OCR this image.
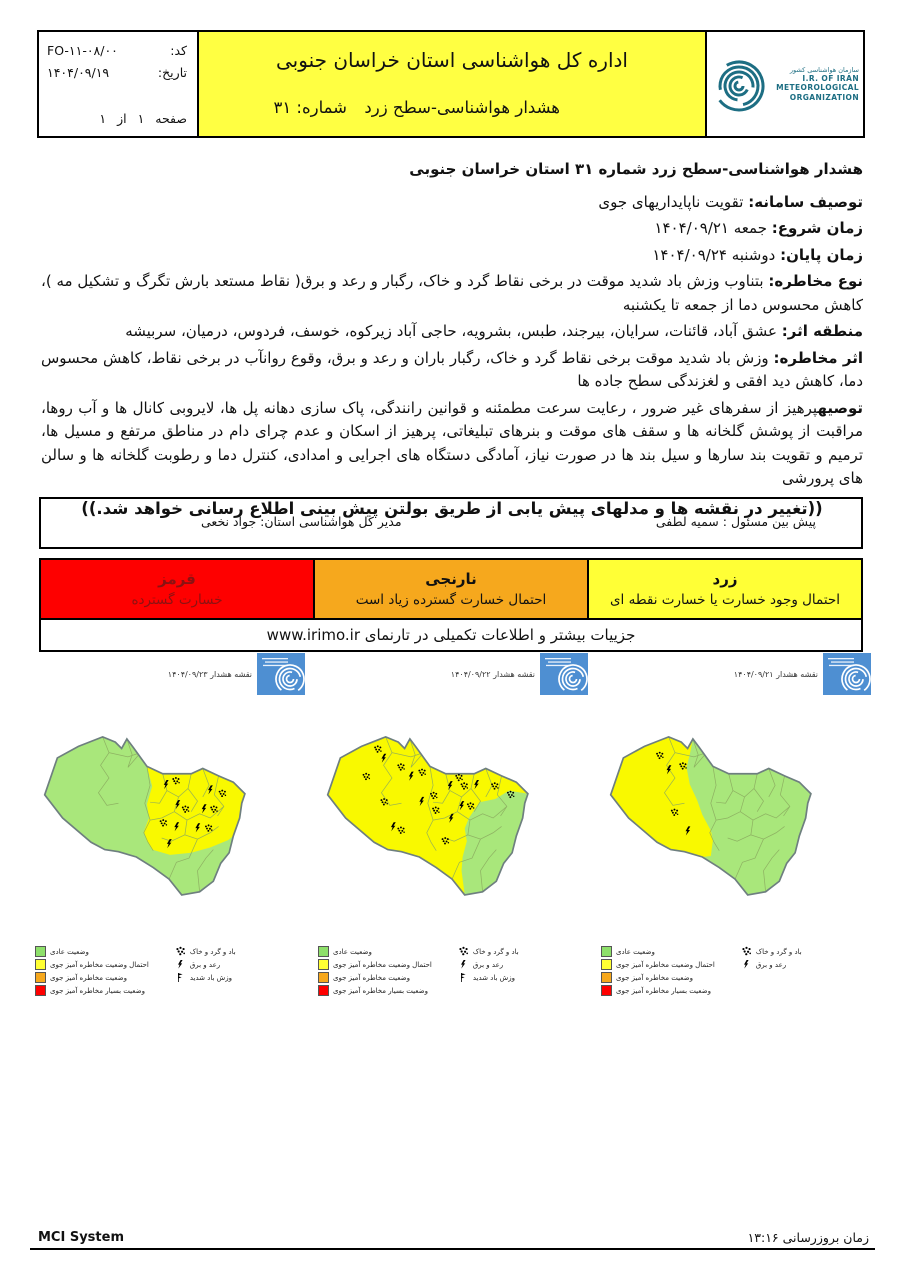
سازمان هواشناسی کشور
I.R. OF IRAN
METEOROLOGICAL
ORGANIZATION
اداره کل هواشناسی استان خراسان جنوبی
هشدار هواشناسی-سطح زرد
شماره: ۳۱
کد:
FO-۱۱-۰۸/۰۰
تاریخ:
۱۴۰۴/۰۹/۱۹
صفحه ۱ از ۱
هشدار هواشناسی-سطح زرد شماره ۳۱ استان خراسان جنوبی

توصیف سامانه: تقویت ناپایداریهای جوی

زمان شروع: جمعه ۱۴۰۴/۰۹/۲۱

زمان پایان: دوشنبه ۱۴۰۴/۰۹/۲۴

نوع مخاطره: بتناوب وزش باد شدید موقت در برخی نقاط گرد و خاک، رگبار و رعد و برق( نقاط مستعد بارش تگرگ و تشکیل مه )، کاهش محسوس دما از جمعه تا یکشنبه

منطقه اثر: عشق آباد، قائنات، سرایان، بیرجند، طبس، بشرویه، حاجی آباد زیرکوه، خوسف، فردوس، درمیان، سربیشه

اثر مخاطره: وزش باد شدید موقت برخی نقاط گرد و خاک، رگبار باران و رعد و برق، وقوع روانآب در برخی نقاط، کاهش محسوس دما، کاهش دید افقی و لغزندگی سطح جاده ها

توصیهپرهیز از سفرهای غیر ضرور ، رعایت سرعت مطمئنه و قوانین رانندگی، پاک سازی دهانه پل ها، لایروبی کانال ها و آب روها، مراقبت از پوشش گلخانه ها و سقف های موقت و بنرهای تبلیغاتی، پرهیز از اسکان و عدم چرای دام در مناطق مرتفع و مسیل ها، ترمیم و تقویت بند سارها و سیل بند ها در صورت نیاز، آمادگی دستگاه های اجرایی و امدادی، کنترل دما و رطوبت گلخانه ها و سالن های پرورشی

((تغییر در نقشه ها و مدلهای پیش یابی از طریق بولتن پیش بینی اطلاع رسانی خواهد شد.))
پیش بین مسئول : سمیه لطفی
مدیر کل هواشناسی استان: جواد نخعی
زرد
احتمال وجود خسارت یا خسارت نقطه ای
نارنجی
احتمال خسارت گسترده زیاد است
قرمز
خسارت گسترده
جزییات بیشتر و اطلاعات تکمیلی در تارنمای www.irimo.ir
نقشه هشدار ۱۴۰۴/۰۹/۲۱
وضعیت عادی
احتمال وضعیت مخاطره آمیز جوی
وضعیت مخاطره آمیز جوی
وضعیت بسیار مخاطره آمیز جوی
باد و گرد و خاک
رعد و برق
نقشه هشدار ۱۴۰۴/۰۹/۲۲
وضعیت عادی
احتمال وضعیت مخاطره آمیز جوی
وضعیت مخاطره آمیز جوی
وضعیت بسیار مخاطره آمیز جوی
باد و گرد و خاک
رعد و برق
وزش باد شدید
نقشه هشدار ۱۴۰۴/۰۹/۲۳
وضعیت عادی
احتمال وضعیت مخاطره آمیز جوی
وضعیت مخاطره آمیز جوی
وضعیت بسیار مخاطره آمیز جوی
باد و گرد و خاک
رعد و برق
وزش باد شدید
MCI System	زمان بروزرسانی ۱۳:۱۶
